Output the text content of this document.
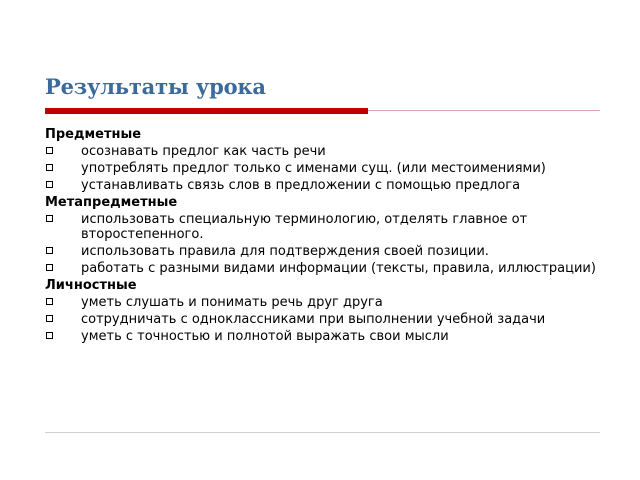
Результаты урока
Предметные
осознавать предлог как часть речи
употреблять предлог только с именами сущ. (или местоимениями)
устанавливать связь слов в предложении с помощью предлога
Метапредметные
использовать специальную терминологию, отделять главное от второстепенного.
использовать правила для подтверждения своей позиции.
работать с разными видами информации (тексты, правила, иллюстрации)
Личностные
уметь слушать и понимать речь друг друга
сотрудничать с одноклассниками при выполнении учебной задачи
уметь с точностью и полнотой выражать свои мысли
